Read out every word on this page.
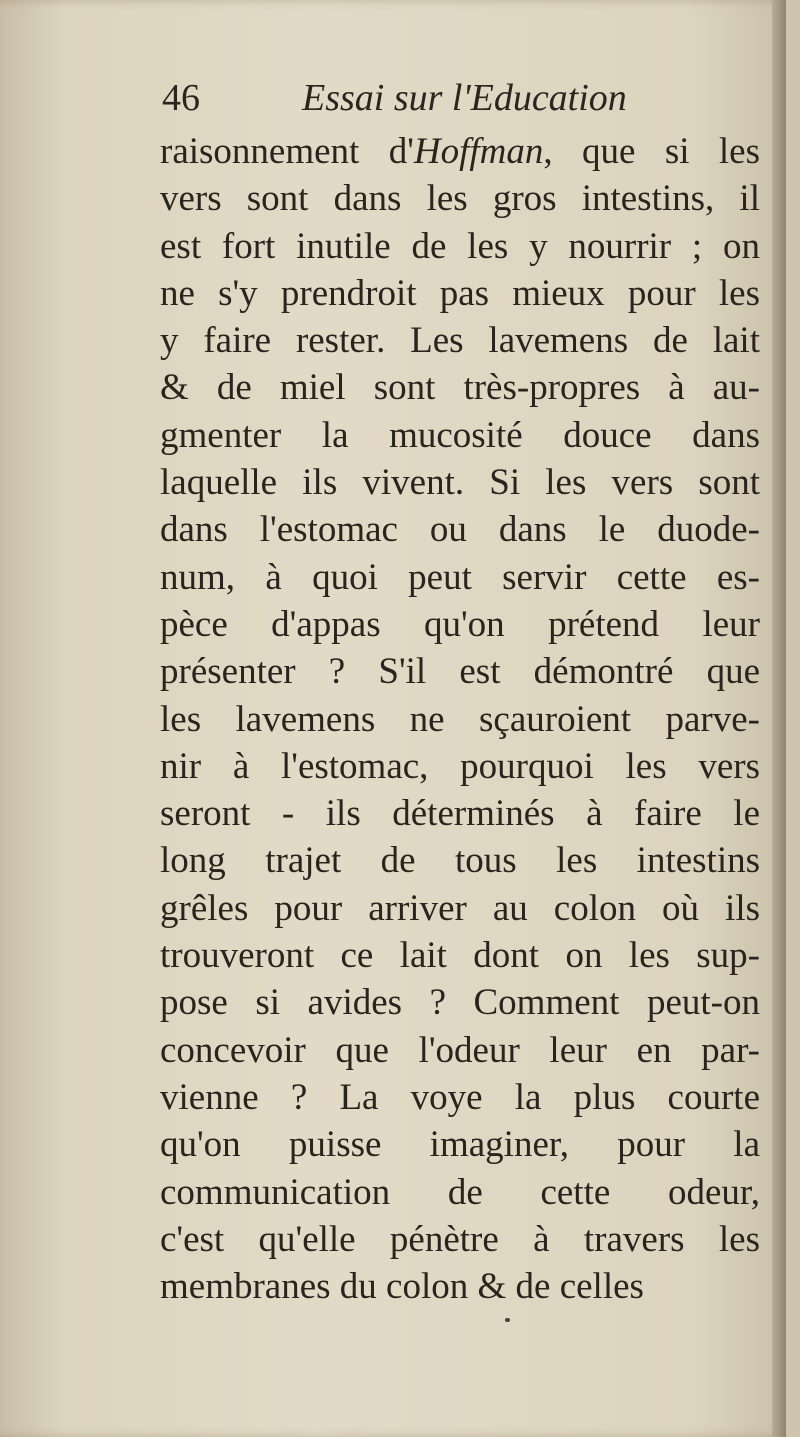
46	Essai sur l'Education
raisonnement d'Hoffman, que si les
vers sont dans les gros intestins, il
est fort inutile de les y nourrir ; on
ne s'y prendroit pas mieux pour les
y faire rester. Les lavemens de lait
& de miel sont très-propres à au-
gmenter la mucosité douce dans
laquelle ils vivent. Si les vers sont
dans l'estomac ou dans le duode-
num, à quoi peut servir cette es-
pèce d'appas qu'on prétend leur
présenter ? S'il est démontré que
les lavemens ne sçauroient parve-
nir à l'estomac, pourquoi les vers
seront - ils déterminés à faire le
long trajet de tous les intestins
grêles pour arriver au colon où ils
trouveront ce lait dont on les sup-
pose si avides ? Comment peut-on
concevoir que l'odeur leur en par-
vienne ? La voye la plus courte
qu'on puisse imaginer, pour la
communication de cette odeur,
c'est qu'elle pénètre à travers les
membranes du colon & de celles
